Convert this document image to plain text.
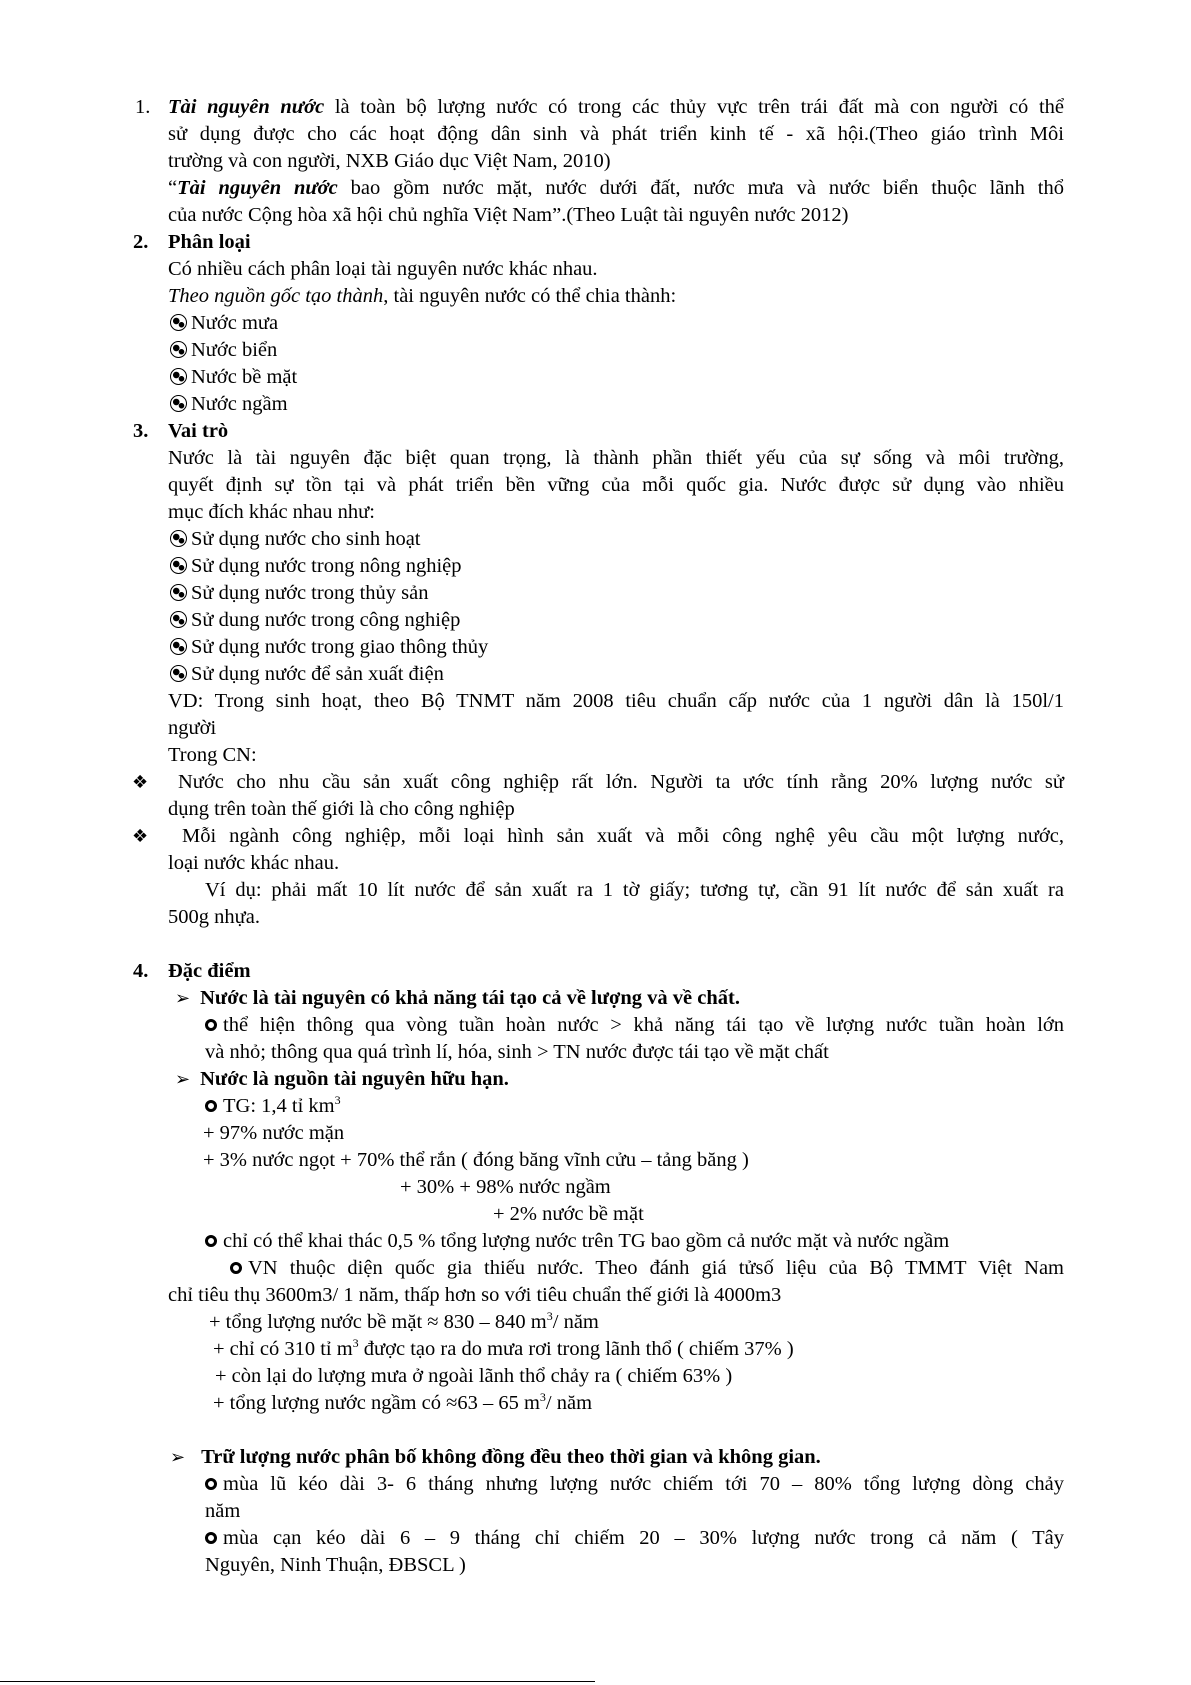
1. Tài nguyên nước là toàn bộ lượng nước có trong các thủy vực trên trái đất mà con người có thể
sử dụng được cho các hoạt động dân sinh và phát triển kinh tế - xã hội.(Theo giáo trình Môi
trường và con người, NXB Giáo dục Việt Nam, 2010)
“Tài nguyên nước bao gồm nước mặt, nước dưới đất, nước mưa và nước biển thuộc lãnh thổ
của nước Cộng hòa xã hội chủ nghĩa Việt Nam”.(Theo Luật tài nguyên nước 2012)
2. Phân loại
Có nhiều cách phân loại tài nguyên nước khác nhau.
Theo nguồn gốc tạo thành, tài nguyên nước có thể chia thành:
Nước mưa
Nước biển
Nước bề mặt
Nước ngầm
3. Vai trò
Nước là tài nguyên đặc biệt quan trọng, là thành phần thiết yếu của sự sống và môi trường,
quyết định sự tồn tại và phát triển bền vững của mỗi quốc gia. Nước được sử dụng vào nhiều
mục đích khác nhau như:
Sử dụng nước cho sinh hoạt
Sử dụng nước trong nông nghiệp
Sử dụng nước trong thủy sản
Sử dung nước trong công nghiệp
Sử dụng nước trong giao thông thủy
Sử dụng nước để sản xuất điện
VD: Trong sinh hoạt, theo Bộ TNMT năm 2008 tiêu chuẩn cấp nước của 1 người dân là 150l/1
người
Trong CN:
❖ Nước cho nhu cầu sản xuất công nghiệp rất lớn. Người ta ước tính rằng 20% lượng nước sử
dụng trên toàn thế giới là cho công nghiệp
❖ Mỗi ngành công nghiệp, mỗi loại hình sản xuất và mỗi công nghệ yêu cầu một lượng nước,
loại nước khác nhau.
Ví dụ: phải mất 10 lít nước để sản xuất ra 1 tờ giấy; tương tự, cần 91 lít nước để sản xuất ra
500g nhựa.
4. Đặc điểm
➢ Nước là tài nguyên có khả năng tái tạo cả về lượng và về chất.
thể hiện thông qua vòng tuần hoàn nước > khả năng tái tạo về lượng nước tuần hoàn lớn
và nhỏ; thông qua quá trình lí, hóa, sinh > TN nước được tái tạo về mặt chất
➢ Nước là nguồn tài nguyên hữu hạn.
TG: 1,4 tỉ $km^3$
+ 97% nước mặn
+ 3% nước ngọt + 70% thể rắn ( đóng băng vĩnh cửu – tảng băng )
+ 30% + 98% nước ngầm
+ 2% nước bề mặt
chỉ có thể khai thác 0,5 % tổng lượng nước trên TG bao gồm cả nước mặt và nước ngầm
VN thuộc diện quốc gia thiếu nước. Theo đánh giá tửsố liệu của Bộ TMMT Việt Nam
chỉ tiêu thụ 3600m3/ 1 năm, thấp hơn so với tiêu chuẩn thế giới là 4000m3
+ tổng lượng nước bề mặt ≈ 830 – 840 $m^3/$ năm
+ chỉ có 310 tỉ $m^3$ được tạo ra do mưa rơi trong lãnh thổ ( chiếm 37% )
+ còn lại do lượng mưa ở ngoài lãnh thổ chảy ra ( chiếm 63% )
+ tổng lượng nước ngầm có ≈63 – 65 $m^3/$ năm
➢ Trữ lượng nước phân bố không đồng đều theo thời gian và không gian.
mùa lũ kéo dài 3- 6 tháng nhưng lượng nước chiếm tới 70 – 80% tổng lượng dòng chảy
năm
mùa cạn kéo dài 6 – 9 tháng chỉ chiếm 20 – 30% lượng nước trong cả năm ( Tây
Nguyên, Ninh Thuận, ĐBSCL )
